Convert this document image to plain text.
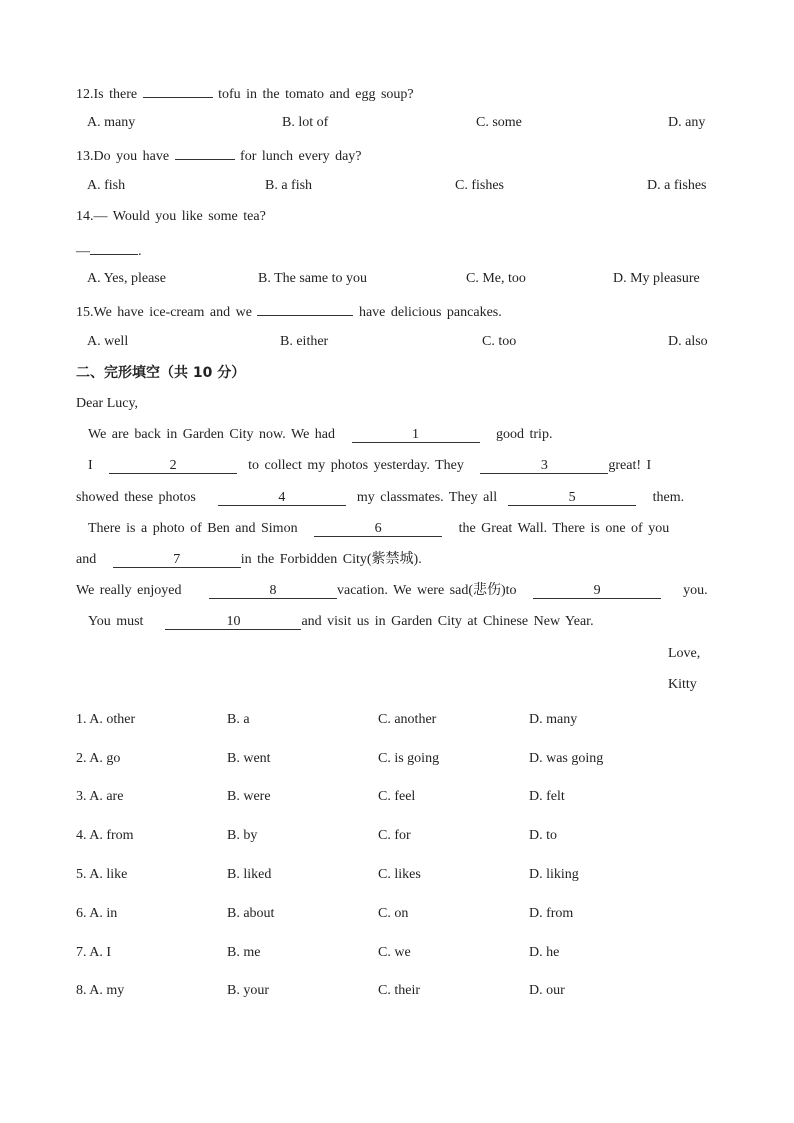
12.Is there	tofu in the tomato and egg soup?
A. many	B. lot of	C. some	D. any
13.Do you have	for lunch every day?
A. fish	B. a fish	C. fishes	D. a fishes
14.— Would you like some tea?
—	.
A. Yes, please	B. The same to you	C. Me, too	D. My pleasure
15.We have ice-cream and we	have delicious pancakes.
A. well	B. either	C. too	D. also
二、完形填空（共 10 分）
Dear Lucy,
We are back in Garden City now. We had	1	good trip.
I	2	to collect my photos yesterday. They	3	great! I
showed these photos	4	my classmates. They all	5	them.
There is a photo of Ben and Simon	6	the Great Wall. There is one of you
and	7	in the Forbidden City(紫禁城).
We really enjoyed	8	vacation. We were sad(悲伤)to	9	you.
You must	10	and visit us in Garden City at Chinese New Year.
Love,
Kitty
1. A. other	B. a	C. another	D. many
2. A. go	B. went	C. is going	D. was going
3. A. are	B. were	C. feel	D. felt
4. A. from	B. by	C. for	D. to
5. A. like	B. liked	C. likes	D. liking
6. A. in	B. about	C. on	D. from
7. A. I	B. me	C. we	D. he
8. A. my	B. your	C. their	D. our
